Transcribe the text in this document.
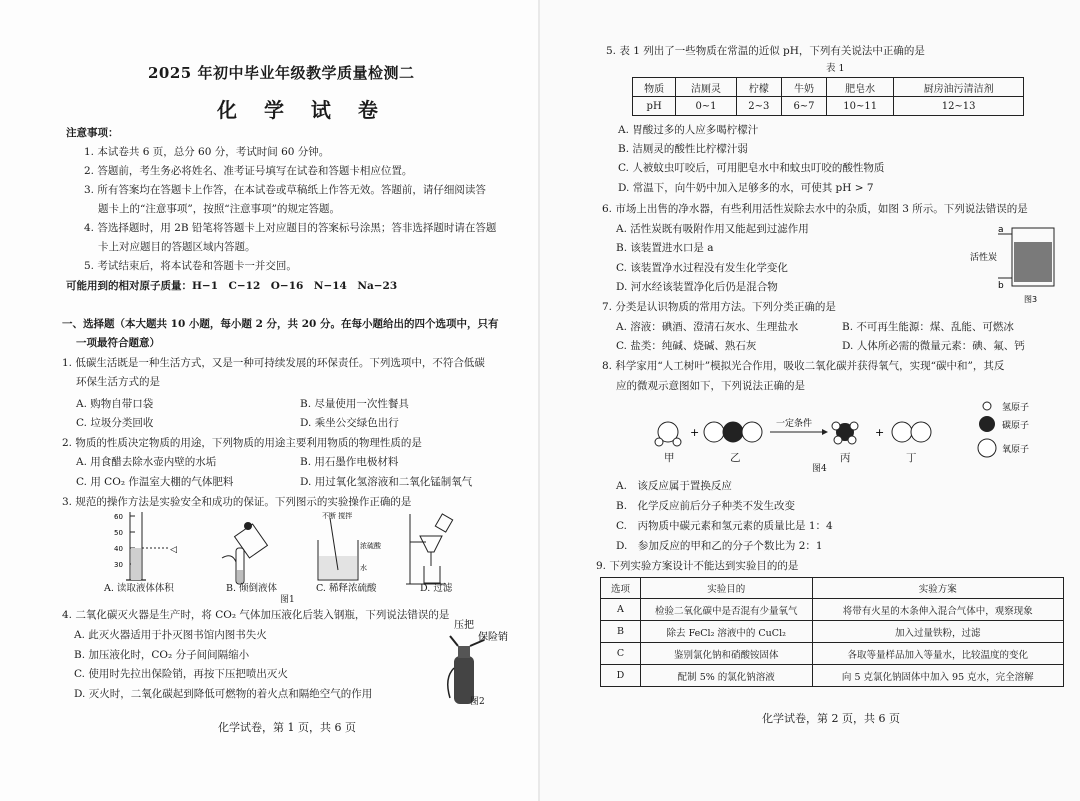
2025 年初中毕业年级教学质量检测二
化 学 试 卷
注意事项：
1. 本试卷共 6 页，总分 60 分，考试时间 60 分钟。
2. 答题前，考生务必将姓名、准考证号填写在试卷和答题卡相应位置。
3. 所有答案均在答题卡上作答，在本试卷或草稿纸上作答无效。答题前，请仔细阅读答
题卡上的“注意事项”，按照“注意事项”的规定答题。
4. 答选择题时，用 2B 铅笔将答题卡上对应题目的答案标号涂黑；答非选择题时请在答题
卡上对应题目的答题区域内答题。
5. 考试结束后，将本试卷和答题卡一并交回。
可能用到的相对原子质量：H−1　C−12　O−16　N−14　Na−23
一、选择题（本大题共 10 小题，每小题 2 分，共 20 分。在每小题给出的四个选项中，只有
一项最符合题意）
1. 低碳生活既是一种生活方式，又是一种可持续发展的环保责任。下列选项中，不符合低碳
环保生活方式的是
A. 购物自带口袋	B. 尽量使用一次性餐具
C. 垃圾分类回收	D. 乘坐公交绿色出行
2. 物质的性质决定物质的用途，下列物质的用途主要利用物质的物理性质的是
A. 用食醋去除水壶内壁的水垢	B. 用石墨作电极材料
C. 用 CO₂ 作温室大棚的气体肥料	D. 用过氧化氢溶液和二氧化锰制氧气
3. 规范的操作方法是实验安全和成功的保证。下列图示的实验操作正确的是
◁
60
50
40
30
不断 搅拌
浓硫酸
水
A. 读取液体体积	B. 倾倒液体	C. 稀释浓硫酸	D. 过滤
图1
4. 二氧化碳灭火器是生产时，将 CO₂ 气体加压液化后装入钢瓶，下列说法错误的是
A. 此灭火器适用于扑灭图书馆内图书失火
B. 加压液化时，CO₂ 分子间间隔缩小
C. 使用时先拉出保险销，再按下压把喷出灭火
D. 灭火时，二氧化碳起到降低可燃物的着火点和隔绝空气的作用
压把
保险销
图2
化学试卷，第 1 页，共 6 页
5. 表 1 列出了一些物质在常温的近似 pH，下列有关说法中正确的是
表 1
物质	洁厕灵	柠檬	牛奶	肥皂水	厨房油污清洁剂
pH	0~1	2~3	6~7	10~11	12~13
A. 胃酸过多的人应多喝柠檬汁
B. 洁厕灵的酸性比柠檬汁弱
C. 人被蚊虫叮咬后，可用肥皂水中和蚊虫叮咬的酸性物质
D. 常温下，向牛奶中加入足够多的水，可使其 pH > 7
6. 市场上出售的净水器，有些利用活性炭除去水中的杂质，如图 3 所示。下列说法错误的是
A. 活性炭既有吸附作用又能起到过滤作用
B. 该装置进水口是 a
C. 该装置净水过程没有发生化学变化
D. 河水经该装置净化后仍是混合物
a
b
活性炭
图3
7. 分类是认识物质的常用方法。下列分类正确的是
A. 溶液：碘酒、澄清石灰水、生理盐水	B. 不可再生能源：煤、乱能、可燃冰
C. 盐类：纯碱、烧碱、熟石灰	D. 人体所必需的微量元素：碘、氟、钙
8. 科学家用“人工树叶”模拟光合作用，吸收二氧化碳并获得氧气，实现“碳中和”，其反
应的微观示意图如下，下列说法正确的是
+
一定条件
+
氢原子
碳原子
氧原子
甲	乙	丙	丁
图4
A.　该反应属于置换反应
B.　化学反应前后分子种类不发生改变
C.　丙物质中碳元素和氢元素的质量比是 1：4
D.　参加反应的甲和乙的分子个数比为 2：1
9. 下列实验方案设计不能达到实验目的的是
选项	实验目的	实验方案
A	检验二氧化碳中是否混有少量氧气	将带有火星的木条伸入混合气体中，观察现象
B	除去 FeCl₂ 溶液中的 CuCl₂	加入过量铁粉，过滤
C	鉴别氯化钠和硝酸铵固体	各取等量样品加入等量水，比较温度的变化
D	配制 5% 的氯化钠溶液	向 5 克氯化钠固体中加入 95 克水，完全溶解
化学试卷，第 2 页，共 6 页
